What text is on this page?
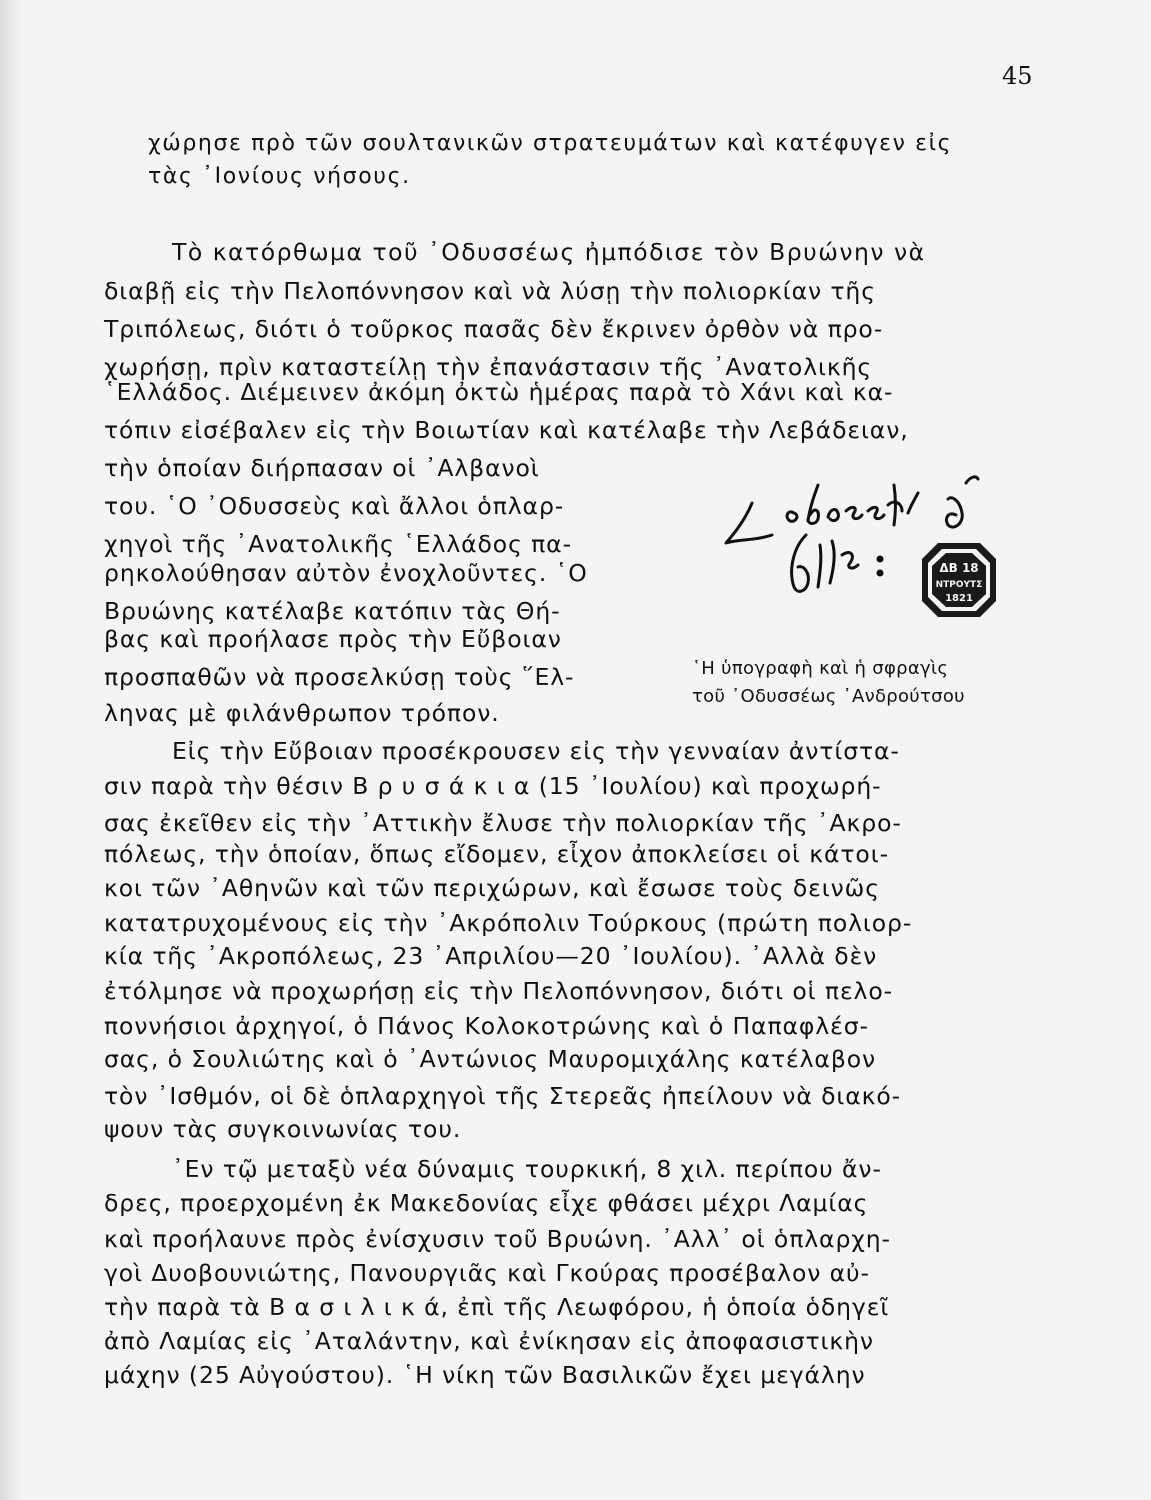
45
χώρησε πρὸ τῶν σουλτανικῶν στρατευμάτων καὶ κατέφυγεν εἰς
τὰς ᾽Ιονίους νήσους.
Τὸ κατόρθωμα τοῦ ᾽Οδυσσέως ἠμπόδισε τὸν Βρυώνην νὰ
διαβῇ εἰς τὴν Πελοπόννησον καὶ νὰ λύσῃ τὴν πολιορκίαν τῆς
Τριπόλεως, διότι ὁ τοῦρκος πασᾶς δὲν ἔκρινεν ὀρθὸν νὰ προ-
χωρήσῃ, πρὶν καταστείλῃ τὴν ἐπανάστασιν τῆς ᾽Ανατολικῆς
῾Ελλάδος. Διέμεινεν ἀκόμη ὀκτὼ ἡμέρας παρὰ τὸ Χάνι καὶ κα-
τόπιν εἰσέβαλεν εἰς τὴν Βοιωτίαν καὶ κατέλαβε τὴν Λεβάδειαν,
τὴν ὁποίαν διήρπασαν οἱ ᾽Αλβανοὶ
του. ῾Ο ᾽Οδυσσεὺς καὶ ἄλλοι ὁπλαρ-
χηγοὶ τῆς ᾽Ανατολικῆς ῾Ελλάδος πα-
ρηκολούθησαν αὐτὸν ἐνοχλοῦντες. ῾Ο
Βρυώνης κατέλαβε κατόπιν τὰς Θή-
βας καὶ προήλασε πρὸς τὴν Εὔβοιαν
προσπαθῶν νὰ προσελκύσῃ τοὺς ῞Ελ-
ληνας μὲ φιλάνθρωπον τρόπον.
ΔΒ 18
ΝΤΡΟΥΤΣ
1821
῾Η ὑπογραφὴ καὶ ἡ σφραγὶς
τοῦ ᾽Οδυσσέως ᾽Ανδρούτσου
Εἰς τὴν Εὔβοιαν προσέκρουσεν εἰς τὴν γενναίαν ἀντίστα-
σιν παρὰ τὴν θέσιν Β ρ υ σ ά κ ι α (15 ᾽Ιουλίου) καὶ προχωρή-
σας ἐκεῖθεν εἰς τὴν ᾽Αττικὴν ἔλυσε τὴν πολιορκίαν τῆς ᾽Ακρο-
πόλεως, τὴν ὁποίαν, ὅπως εἴδομεν, εἶχον ἀποκλείσει οἱ κάτοι-
κοι τῶν ᾽Αθηνῶν καὶ τῶν περιχώρων, καὶ ἔσωσε τοὺς δεινῶς
κατατρυχομένους εἰς τὴν ᾽Ακρόπολιν Τούρκους (πρώτη πολιορ-
κία τῆς ᾽Ακροπόλεως, 23 ᾽Απριλίου—20 ᾽Ιουλίου). ᾽Αλλὰ δὲν
ἐτόλμησε νὰ προχωρήσῃ εἰς τὴν Πελοπόννησον, διότι οἱ πελο-
ποννήσιοι ἀρχηγοί, ὁ Πάνος Κολοκοτρώνης καὶ ὁ Παπαφλέσ-
σας, ὁ Σουλιώτης καὶ ὁ ᾽Αντώνιος Μαυρομιχάλης κατέλαβον
τὸν ᾽Ισθμόν, οἱ δὲ ὁπλαρχηγοὶ τῆς Στερεᾶς ἠπείλουν νὰ διακό-
ψουν τὰς συγκοινωνίας του.
᾽Εν τῷ μεταξὺ νέα δύναμις τουρκική, 8 χιλ. περίπου ἄν-
δρες, προερχομένη ἐκ Μακεδονίας εἶχε φθάσει μέχρι Λαμίας
καὶ προήλαυνε πρὸς ἐνίσχυσιν τοῦ Βρυώνη. ᾽Αλλ᾽ οἱ ὁπλαρχη-
γοὶ Δυοβουνιώτης, Πανουργιᾶς καὶ Γκούρας προσέβαλον αὐ-
τὴν παρὰ τὰ Β α σ ι λ ι κ ά, ἐπὶ τῆς Λεωφόρου, ἡ ὁποία ὁδηγεῖ
ἀπὸ Λαμίας εἰς ᾽Αταλάντην, καὶ ἐνίκησαν εἰς ἀποφασιστικὴν
μάχην (25 Αὐγούστου). ῾Η νίκη τῶν Βασιλικῶν ἔχει μεγάλην
